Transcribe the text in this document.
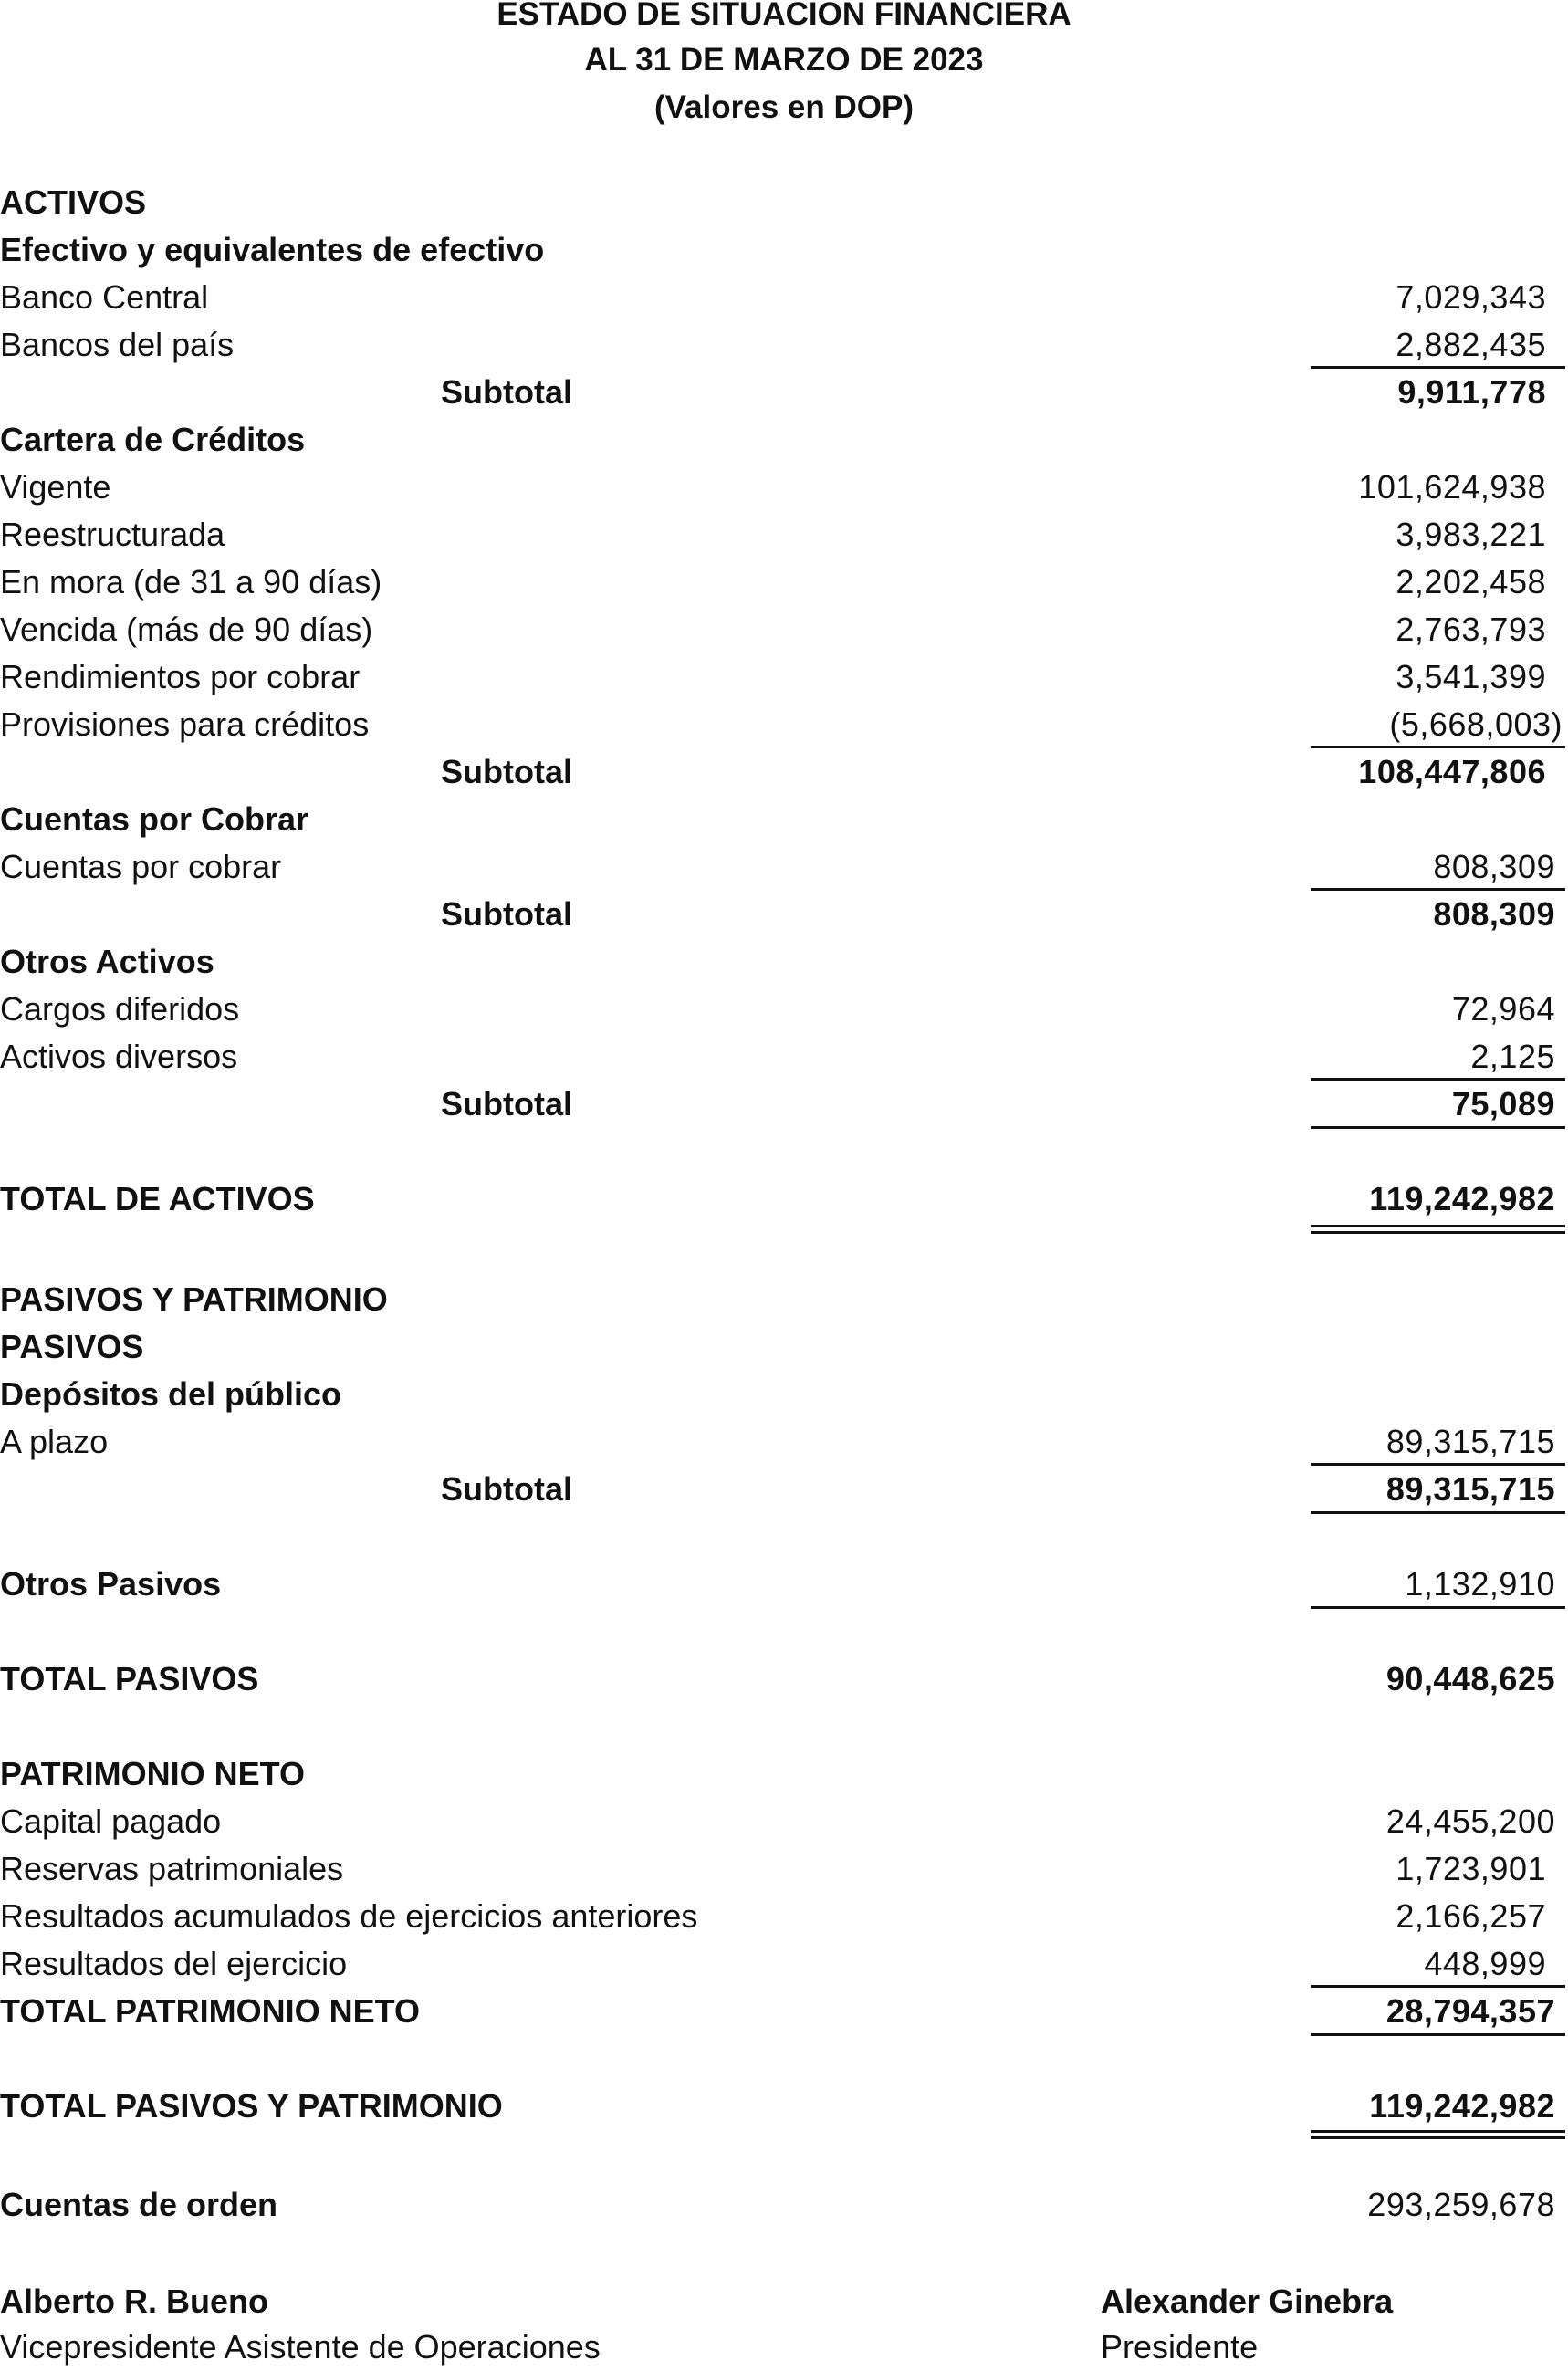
ESTADO DE SITUACION FINANCIERA
AL 31 DE MARZO DE 2023
(Valores en DOP)
ACTIVOS
Efectivo y equivalentes de efectivo
Banco Central	7,029,343
Bancos del país	2,882,435
Subtotal	9,911,778
Cartera de Créditos
Vigente	101,624,938
Reestructurada	3,983,221
En mora (de 31 a 90 días)	2,202,458
Vencida (más de 90 días)	2,763,793
Rendimientos por cobrar	3,541,399
Provisiones para créditos	(5,668,003)
Subtotal	108,447,806
Cuentas por Cobrar
Cuentas por cobrar	808,309
Subtotal	808,309
Otros Activos
Cargos diferidos	72,964
Activos diversos	2,125
Subtotal	75,089
TOTAL DE ACTIVOS	119,242,982
PASIVOS Y PATRIMONIO
PASIVOS
Depósitos del público
A plazo	89,315,715
Subtotal	89,315,715
Otros Pasivos	1,132,910
TOTAL PASIVOS	90,448,625
PATRIMONIO NETO
Capital pagado	24,455,200
Reservas patrimoniales	1,723,901
Resultados acumulados de ejercicios anteriores	2,166,257
Resultados del ejercicio	448,999
TOTAL PATRIMONIO NETO	28,794,357
TOTAL PASIVOS Y PATRIMONIO	119,242,982
Cuentas de orden	293,259,678
Alberto R. Bueno
Vicepresidente Asistente de Operaciones
Alexander Ginebra
Presidente
